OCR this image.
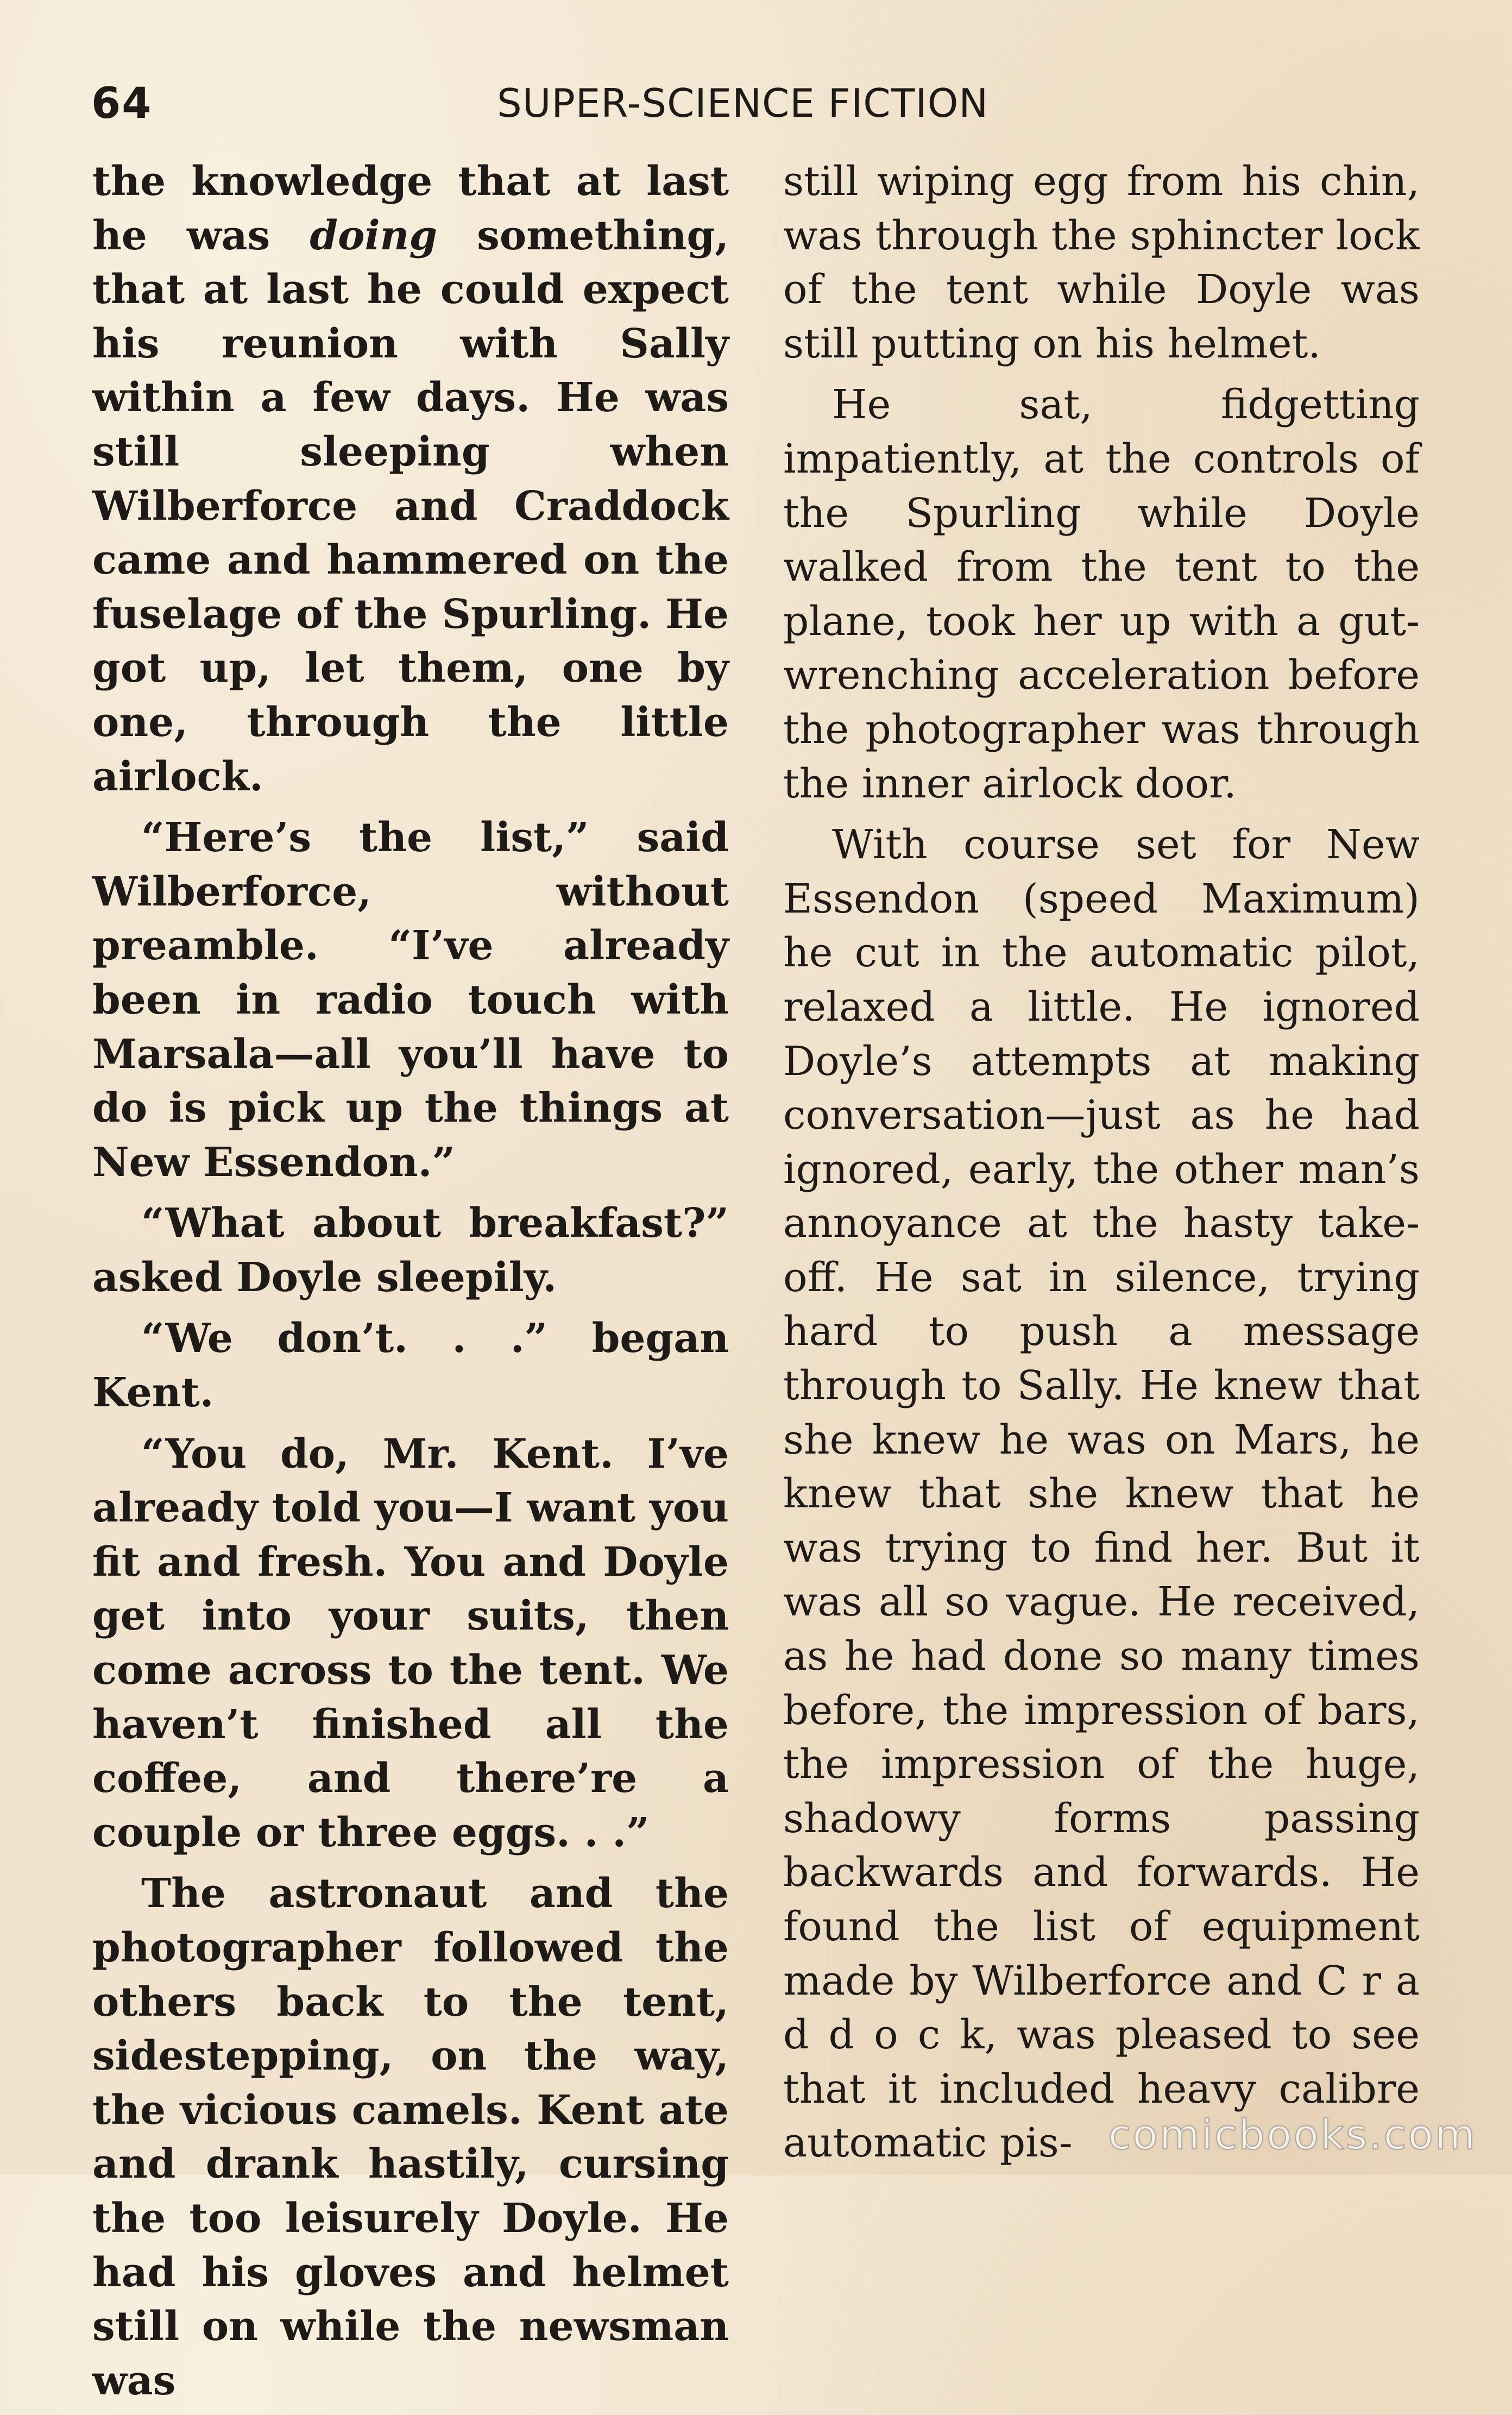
64	SUPER-SCIENCE FICTION

the knowledge that at last he was doing something, that at last he could expect his reunion with Sally within a few days. He was still sleeping when Wilberforce and Craddock came and hammered on the fuselage of the Spurling. He got up, let them, one by one, through the little airlock.

“Here’s the list,” said Wilberforce, without preamble. “I’ve already been in radio touch with Marsala—all you’ll have to do is pick up the things at New Essendon.”

“What about breakfast?” asked Doyle sleepily.

“We don’t. . .” began Kent.

“You do, Mr. Kent. I’ve already told you—I want you fit and fresh. You and Doyle get into your suits, then come across to the tent. We haven’t finished all the coffee, and there’re a couple or three eggs. . .”

The astronaut and the photographer followed the others back to the tent, sidestepping, on the way, the vicious camels. Kent ate and drank hastily, cursing the too leisurely Doyle. He had his gloves and helmet still on while the newsman was

still wiping egg from his chin, was through the sphincter lock of the tent while Doyle was still putting on his helmet.

He sat, fidgetting impatiently, at the controls of the Spurling while Doyle walked from the tent to the plane, took her up with a gut-wrenching acceleration before the photographer was through the inner airlock door.

With course set for New Essendon (speed Maximum) he cut in the automatic pilot, relaxed a little. He ignored Doyle’s attempts at making conversation—just as he had ignored, early, the other man’s annoyance at the hasty take-off. He sat in silence, trying hard to push a message through to Sally. He knew that she knew he was on Mars, he knew that she knew that he was trying to find her. But it was all so vague. He received, as he had done so many times before, the impression of bars, the impression of the huge, shadowy forms passing backwards and forwards. He found the list of equipment made by Wilberforce and C r a d d o c k, was pleased to see that it included heavy calibre automatic pis- comicbooks.com
